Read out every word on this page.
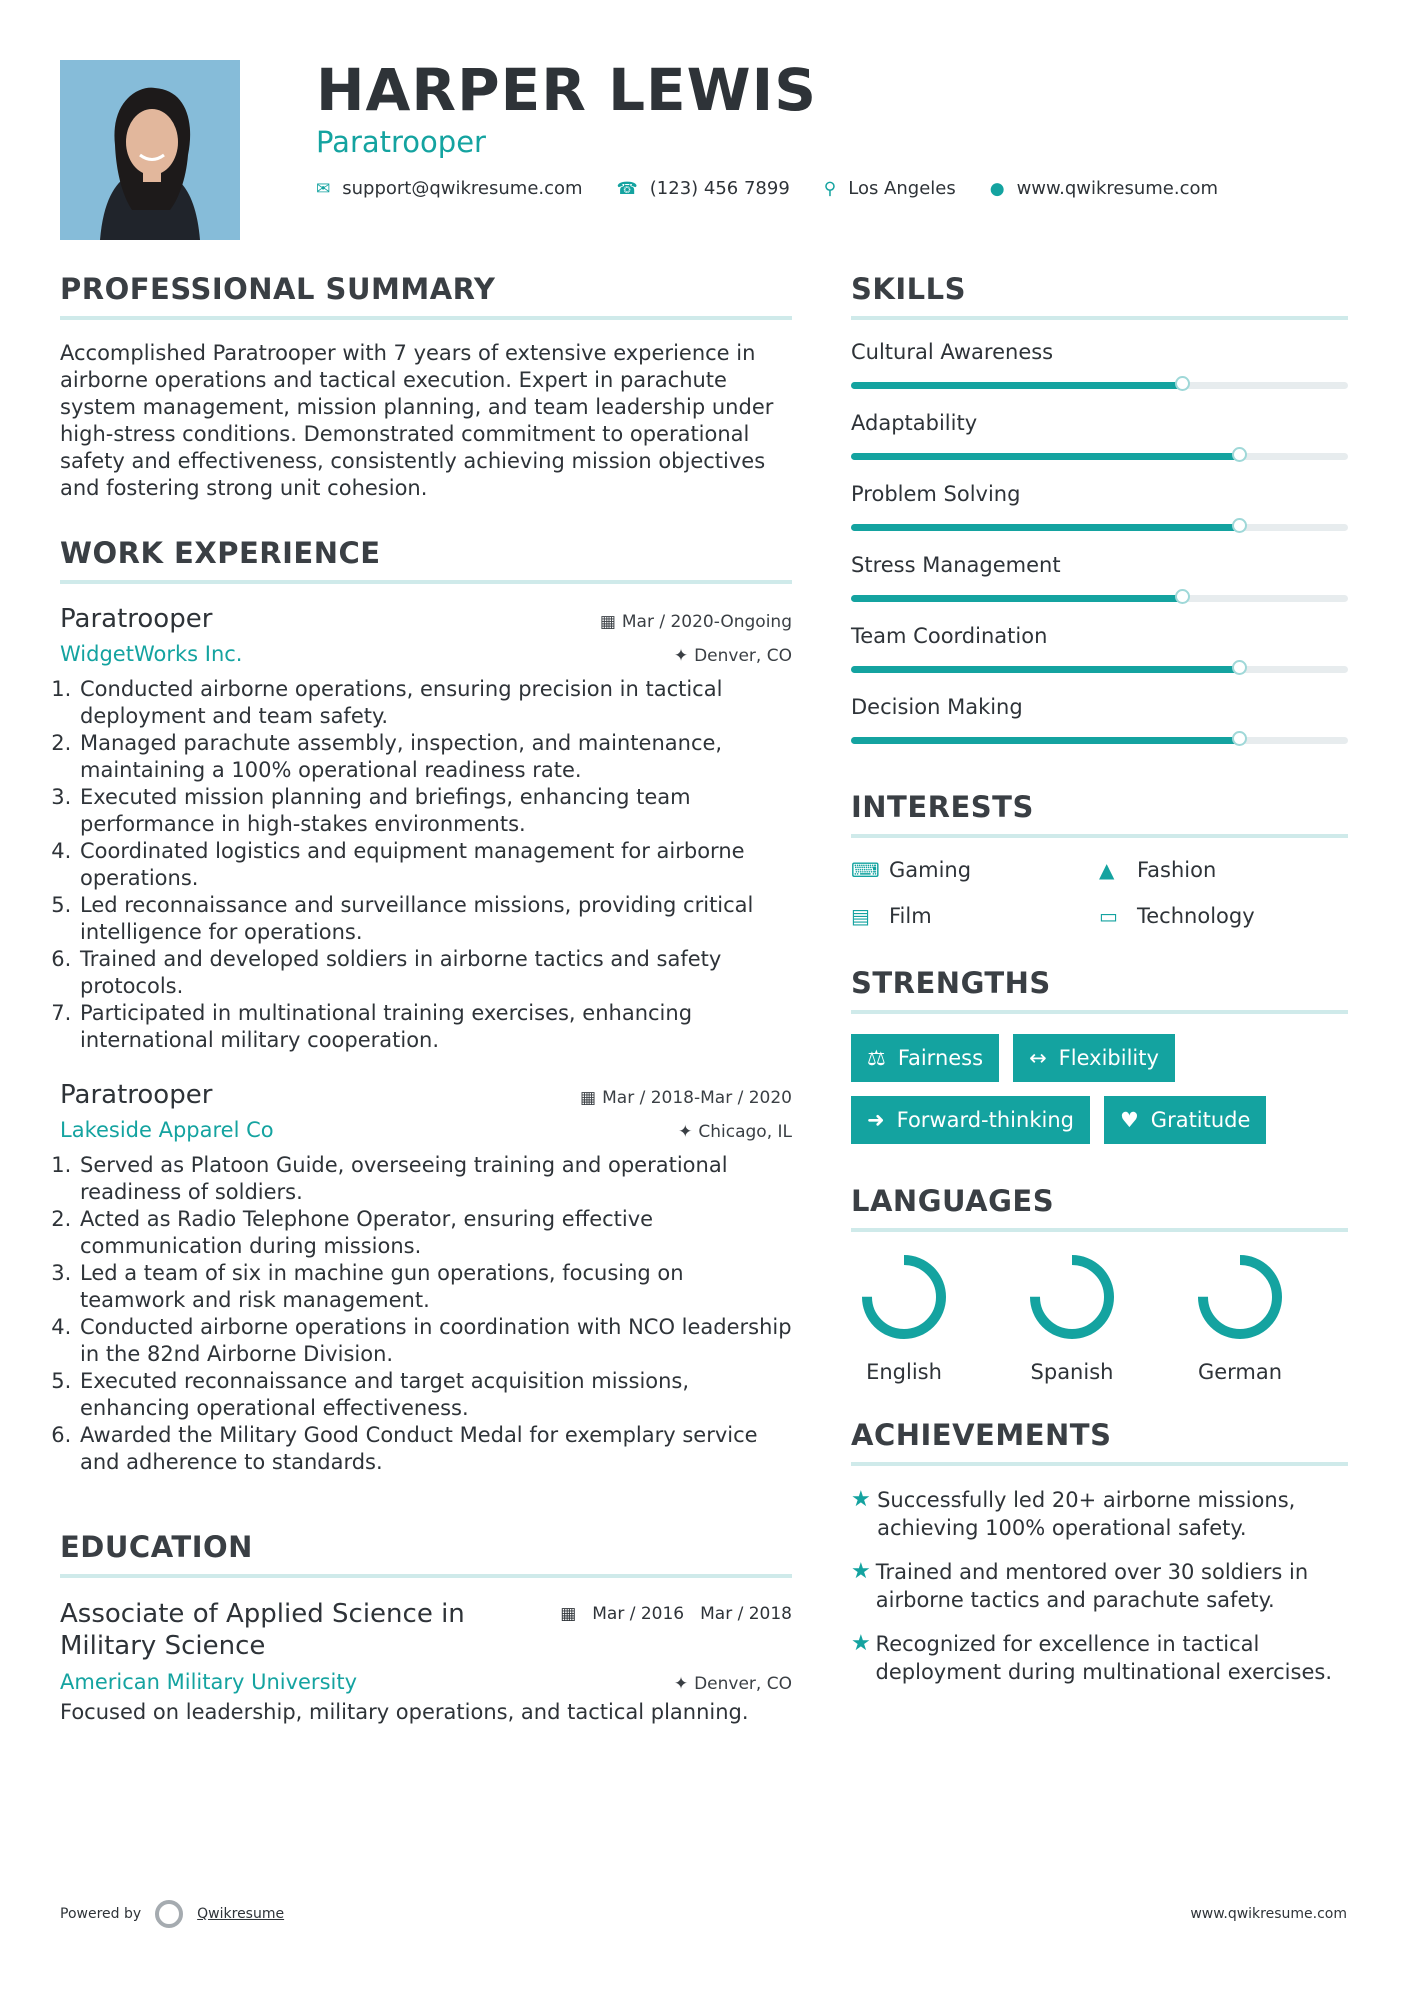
HARPER LEWIS
Paratrooper
✉ support@qwikresume.com ☎ (123) 456 7899 ⚲ Los Angeles ● www.qwikresume.com
PROFESSIONAL SUMMARY

Accomplished Paratrooper with 7 years of extensive experience in airborne operations and tactical execution. Expert in parachute system management, mission planning, and team leadership under high-stress conditions. Demonstrated commitment to operational safety and effectiveness, consistently achieving mission objectives and fostering strong unit cohesion.

WORK EXPERIENCE
Paratrooper	▦ Mar / 2020-Ongoing
WidgetWorks Inc.	✦ Denver, CO
1. Conducted airborne operations, ensuring precision in tactical deployment and team safety.
2. Managed parachute assembly, inspection, and maintenance, maintaining a 100% operational readiness rate.
3. Executed mission planning and briefings, enhancing team performance in high-stakes environments.
4. Coordinated logistics and equipment management for airborne operations.
5. Led reconnaissance and surveillance missions, providing critical intelligence for operations.
6. Trained and developed soldiers in airborne tactics and safety protocols.
7. Participated in multinational training exercises, enhancing international military cooperation.
Paratrooper	▦ Mar / 2018-Mar / 2020
Lakeside Apparel Co	✦ Chicago, IL
1. Served as Platoon Guide, overseeing training and operational readiness of soldiers.
2. Acted as Radio Telephone Operator, ensuring effective communication during missions.
3. Led a team of six in machine gun operations, focusing on teamwork and risk management.
4. Conducted airborne operations in coordination with NCO leadership in the 82nd Airborne Division.
5. Executed reconnaissance and target acquisition missions, enhancing operational effectiveness.
6. Awarded the Military Good Conduct Medal for exemplary service and adherence to standards.
EDUCATION
Associate of Applied Science in Military Science
▦ Mar / 2016 Mar / 2018
American Military University	✦ Denver, CO
Focused on leadership, military operations, and tactical planning.
SKILLS
Cultural Awareness
Adaptability
Problem Solving
Stress Management
Team Coordination
Decision Making
INTERESTS
⌨ Gaming	▲	Fashion
▤ Film	▭ Technology
STRENGTHS
⚖ Fairness ↔ Flexibility
➜ Forward-thinking ♥ Gratitude
LANGUAGES
English	Spanish	German
ACHIEVEMENTS
★ Successfully led 20+ airborne missions, achieving 100% operational safety.
★ Trained and mentored over 30 soldiers in airborne tactics and parachute safety.
★ Recognized for excellence in tactical deployment during multinational exercises.
Powered by	Qwikresume	www.qwikresume.com
